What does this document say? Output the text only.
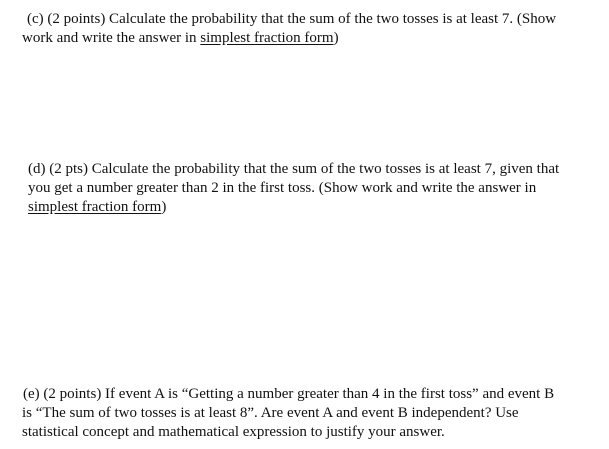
(c) (2 points) Calculate the probability that the sum of the two tosses is at least 7. (Show
work and write the answer in simplest fraction form)
(d) (2 pts) Calculate the probability that the sum of the two tosses is at least 7, given that
you get a number greater than 2 in the first toss. (Show work and write the answer in
simplest fraction form)
(e) (2 points) If event A is “Getting a number greater than 4 in the first toss” and event B
is “The sum of two tosses is at least 8”. Are event A and event B independent? Use
statistical concept and mathematical expression to justify your answer.
